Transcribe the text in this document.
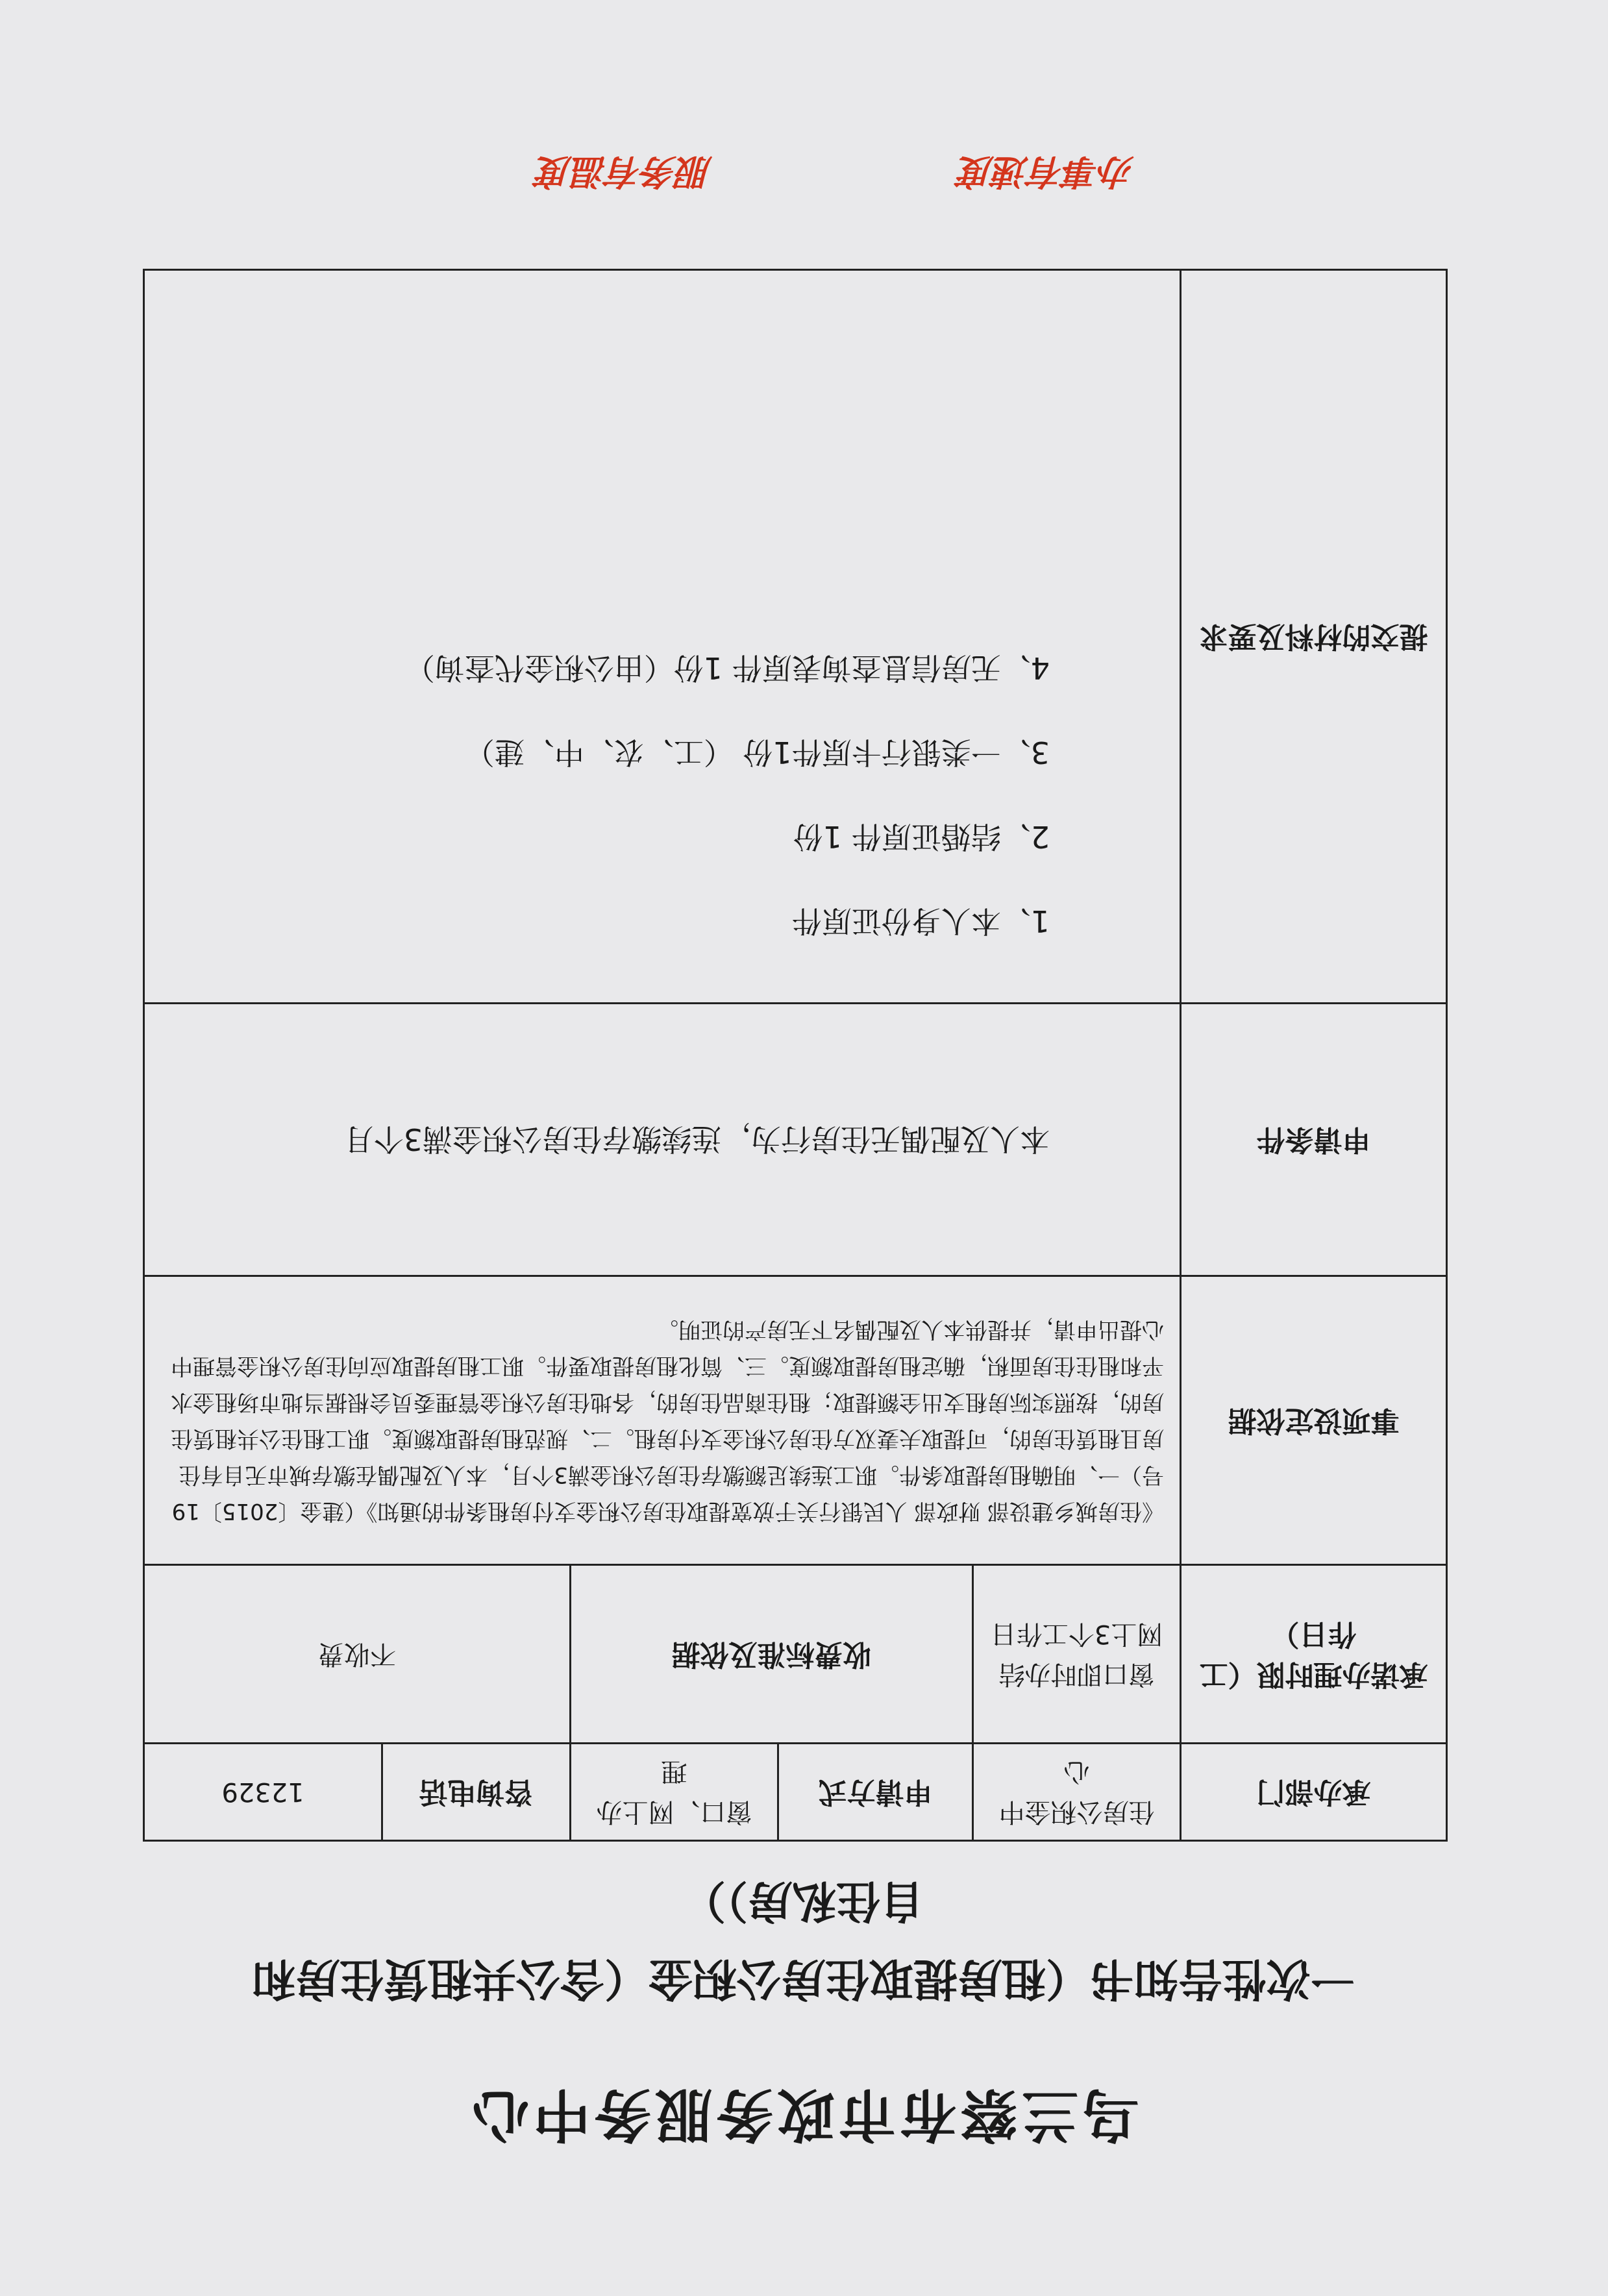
乌兰察布市政务服务中心
一次性告知书（租房提取住房公积金（含公共租赁住房和自住私房））
承办部门	住房公积金中心	申请方式	窗口、网上办理	咨询电话	12329
承诺办理时限（工作日）	窗口即时办结　网上3个工作日	收费标准及依据		不收费	
事项设定依据	《住房城乡建设部 财政部 人民银行关于放宽提取住房公积金支付房租条件的通知》（建金〔2015〕19号）一、明确租房提取条件。职工连续足额缴存住房公积金满3个月，本人及配偶在缴存城市无自有住房且租赁住房的，可提取夫妻双方住房公积金支付房租。二、规范租房提取额度。职工租住公共租赁住房的，按照实际房租支出全额提取；租住商品住房的，各地住房公积金管理委员会根据当地市场租金水平和租住住房面积，确定租房提取额度。三、简化租房提取要件。职工租房提取应向住房公积金管理中心提出申请，并提供本人及配偶名下无房产的证明。				
申请条件	本人及配偶无住房行为，连续缴存住房公积金满3个月				
提交的材料及要求	1、本人身份证原件
2、结婚证原件 1份
3、一类银行卡原件1份 （工、农、中、建）
4、无房信息查询表原件 1份（由公积金代查询）				
办事有速度
服务有温度
